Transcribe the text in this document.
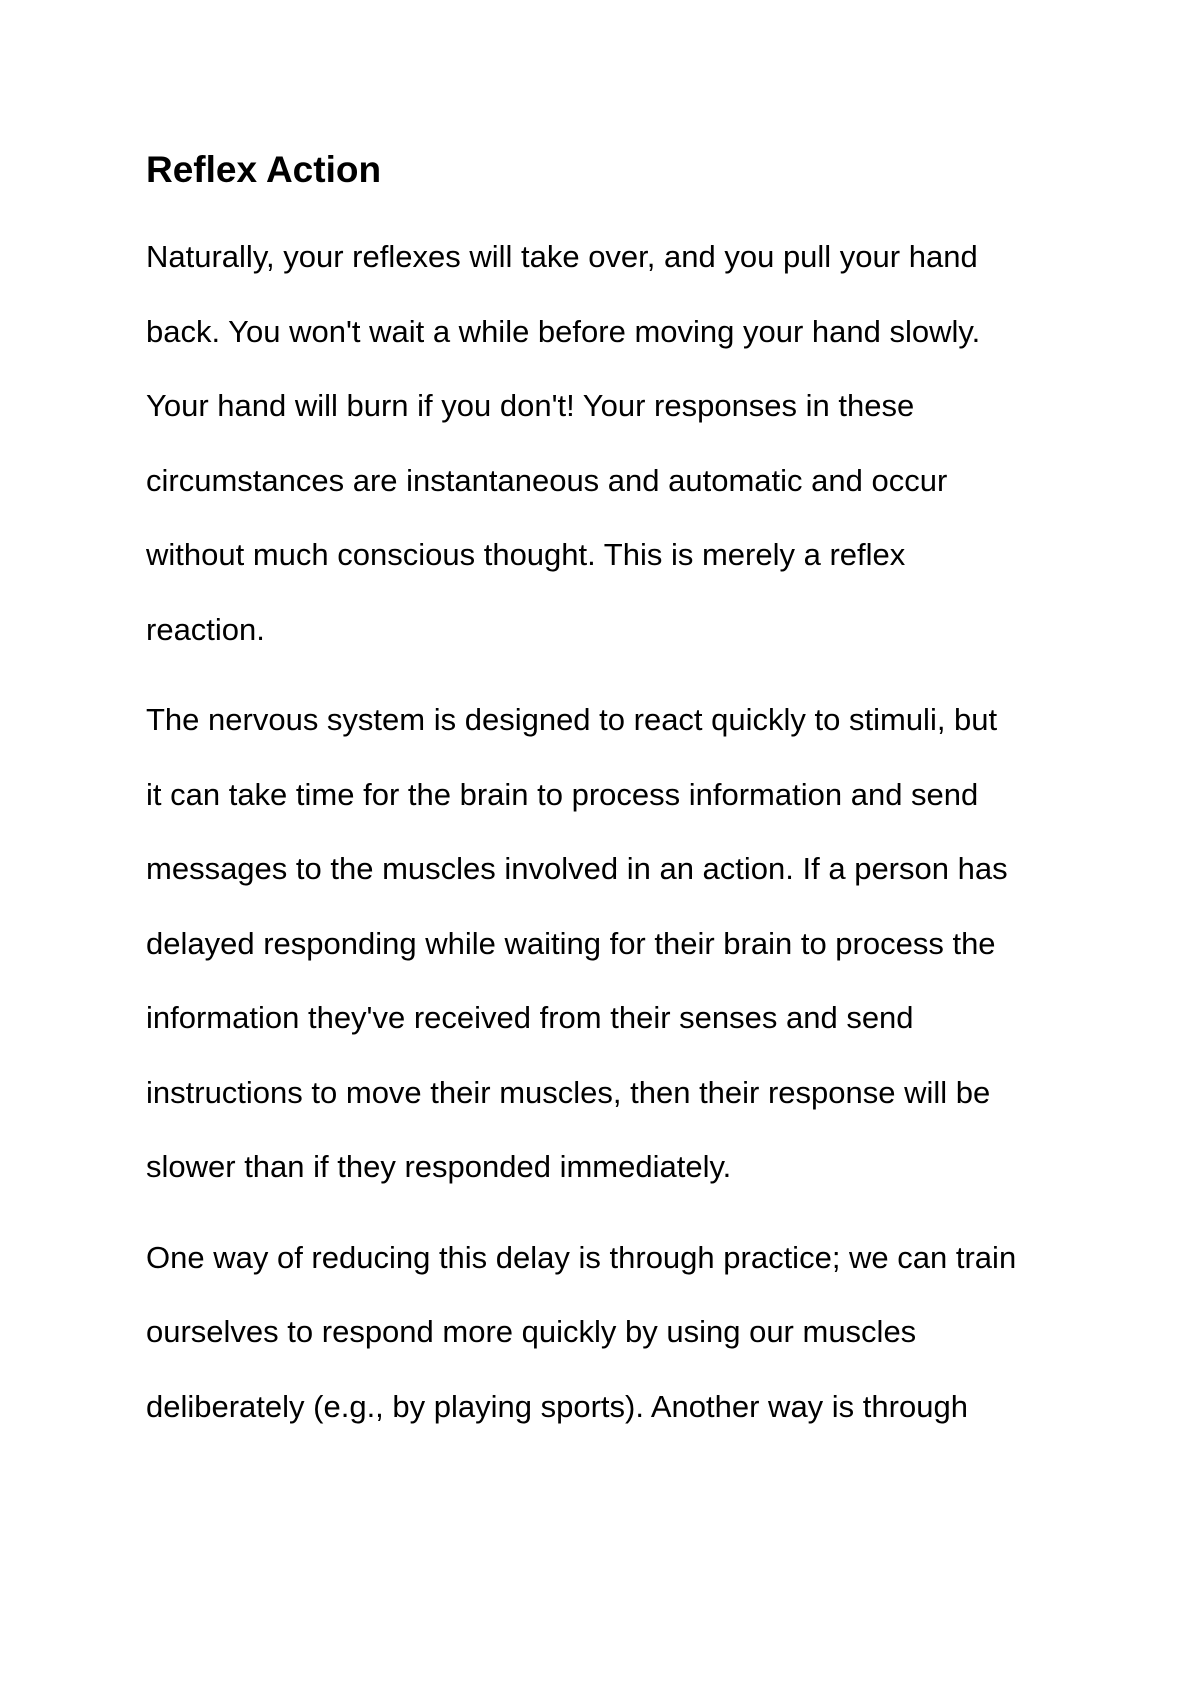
Reflex Action

Naturally, your reflexes will take over, and you pull your hand
back. You won't wait a while before moving your hand slowly.
Your hand will burn if you don't! Your responses in these
circumstances are instantaneous and automatic and occur
without much conscious thought. This is merely a reflex
reaction.

The nervous system is designed to react quickly to stimuli, but
it can take time for the brain to process information and send
messages to the muscles involved in an action. If a person has
delayed responding while waiting for their brain to process the
information they've received from their senses and send
instructions to move their muscles, then their response will be
slower than if they responded immediately.

One way of reducing this delay is through practice; we can train
ourselves to respond more quickly by using our muscles
deliberately (e.g., by playing sports). Another way is through
